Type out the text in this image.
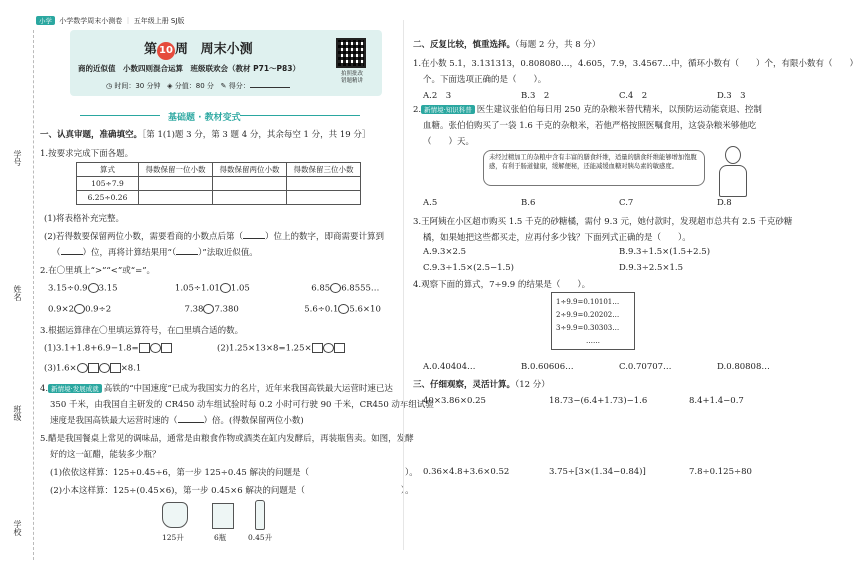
小学 小学数学周末小测卷 ｜ 五年级上册 SJ版
学号
姓名
班级
学校
第 10 周 周末小测
商的近似值　小数四则混合运算　班级联欢会（教材 P71～P83）
◷ 时间：30 分钟 ◈ 分值：80 分 ✎ 得分：
拍照批改
错题精讲
基础题 · 教材变式
一、认真审题，准确填空。［第 1(1)题 3 分，第 3 题 4 分，其余每空 1 分，共 19 分］
1.按要求完成下面各题。
算式	得数保留一位小数	得数保留两位小数	得数保留三位小数
105÷7.9			
6.25÷0.26			
(1)将表格补充完整。
(2)若得数要保留两位小数，需要看商的小数点后第（	）位上的数字，即商需要计算到
（	）位，再将计算结果用“（	）”法取近似值。
2.在〇里填上“>”“<”或“=”。
3.15÷0.9 3.15	1.05÷1.01 1.05	6.85 6.8555…
0.9×2 0.9÷2	7.38 7.380	5.6÷0.1 5.6×10
3.根据运算律在〇里填运算符号，在□里填合适的数。
(1)3.1+1.8+6.9−1.8=	(2)1.25×13×8=1.25×
(3)1.6×	×8.1
4. 新情境·发展成就 高铁的“中国速度”已成为我国实力的名片，近年来我国高铁最大运营时速已达
350 千米，由我国自主研发的 CR450 动车组试验时每 0.2 小时可行驶 90 千米，CR450 动车组试验
速度是我国高铁最大运营时速的（	）倍。(得数保留两位小数)
5.醋是我国餐桌上常见的调味品，通常是由粮食作物或酒类在缸内发酵后，再装瓶售卖。如图，发酵
好的这一缸醋，能装多少瓶？
(1)依依这样算：125÷0.45÷6，第一步 125÷0.45 解决的问题是（	）。
(2)小本这样算：125÷(0.45×6)，第一步 0.45×6 解决的问题是（	）。
125升	6瓶	0.45升
二、反复比较，慎重选择。（每题 2 分，共 8 分）
1.在小数 5.1，3.131313，0.808080…，4.605，7.9，3.4567…中，循环小数有（　　）个，有限小数有（　　）
个。下面选项正确的是（　　）。
A.2　3	B.3　2	C.4　2	D.3　3
2. 新情境·知识科普 医生建议张伯伯每日用 250 克的杂粮米替代精米，以预防运动能衰退、控制
血糖。张伯伯购买了一袋 1.6 千克的杂粮米，若他严格按照医嘱食用，这袋杂粮米够他吃
（　　）天。
未经过精加工的杂粮中含有丰富的膳食纤维，适量的膳食纤维能够增加饱腹感，有利于肠道健康，缓解便秘，还能减缓血糖对胰岛素的敏感度。
A.5	B.6	C.7	D.8
3.王阿姨在小区超市购买 1.5 千克的砂糖橘，需付 9.3 元，她付款时，发现超市总共有 2.5 千克砂糖
橘，如果她把这些都买走，应再付多少钱？下面列式正确的是（　　）。
A.9.3×2.5	B.9.3÷1.5×(1.5+2.5)
C.9.3÷1.5×(2.5−1.5)	D.9.3÷2.5×1.5
4.观察下面的算式，7÷9.9 的结果是（　　）。
1÷9.9=0.10101…
2÷9.9=0.20202…
3÷9.9=0.30303…
……
A.0.40404…	B.0.60606…	C.0.70707…	D.0.80808…
三、仔细观察，灵活计算。（12 分）
40×3.86×0.25	18.73−(6.4+1.73)−1.6	8.4+1.4−0.7
0.36×4.8+3.6×0.52	3.75÷[3×(1.34−0.84)]	7.8÷0.125÷80
